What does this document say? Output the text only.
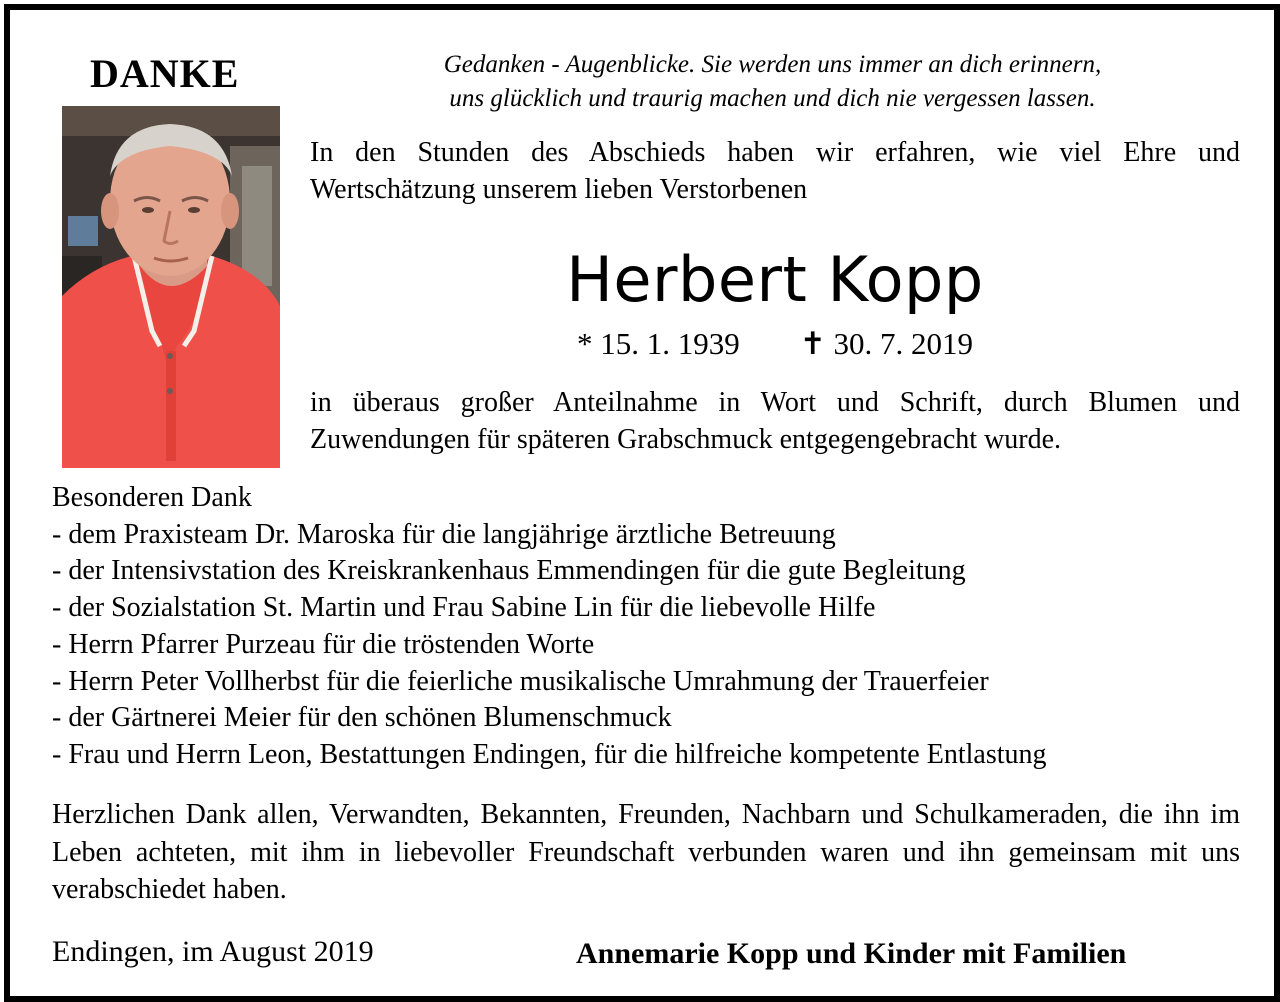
DANKE	Gedanken - Augenblicke. Sie werden uns immer an dich erinnern,
uns glücklich und traurig machen und dich nie vergessen lassen.
In den Stunden des Abschieds haben wir erfahren, wie viel Ehre und Wertschätzung unserem lieben Verstorbenen
Herbert Kopp
* 15. 1. 1939 ✝ 30. 7. 2019
in überaus großer Anteilnahme in Wort und Schrift, durch Blumen und Zuwendungen für späteren Grabschmuck entgegengebracht wurde.
Besonderen Dank
- dem Praxisteam Dr. Maroska für die langjährige ärztliche Betreuung
- der Intensivstation des Kreiskrankenhaus Emmendingen für die gute Begleitung
- der Sozialstation St. Martin und Frau Sabine Lin für die liebevolle Hilfe
- Herrn Pfarrer Purzeau für die tröstenden Worte
- Herrn Peter Vollherbst für die feierliche musikalische Umrahmung der Trauerfeier
- der Gärtnerei Meier für den schönen Blumenschmuck
- Frau und Herrn Leon, Bestattungen Endingen, für die hilfreiche kompetente Entlastung
Herzlichen Dank allen, Verwandten, Bekannten, Freunden, Nachbarn und Schulkameraden, die ihn im Leben achteten, mit ihm in liebevoller Freundschaft verbunden waren und ihn gemeinsam mit uns verabschiedet haben.
Endingen, im August 2019	Annemarie Kopp und Kinder mit Familien
